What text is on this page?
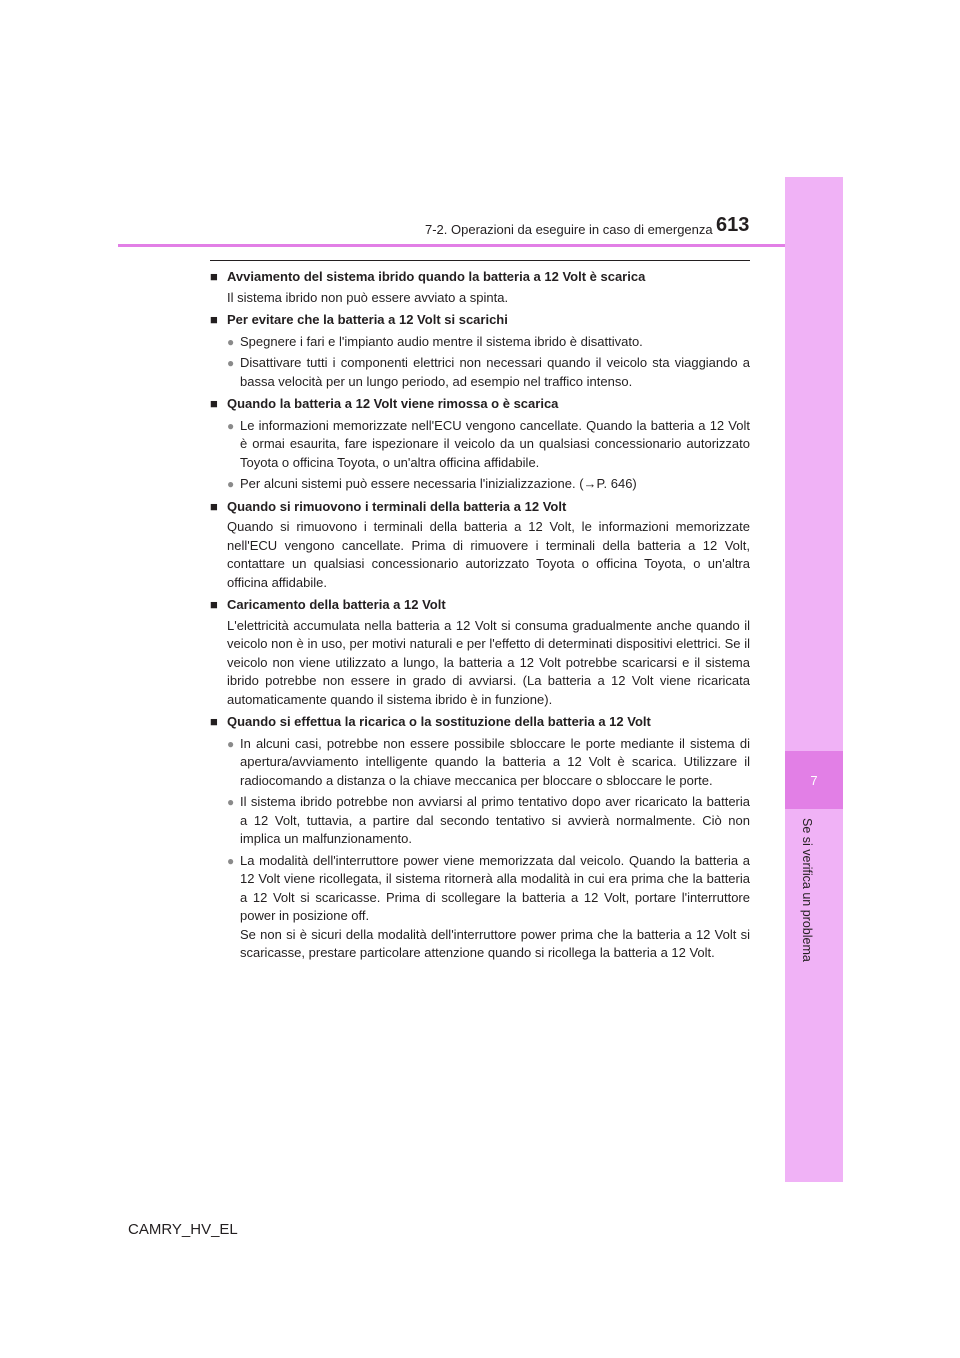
7
Se si verifica un problema
7-2. Operazioni da eseguire in caso di emergenza 613
■ Avviamento del sistema ibrido quando la batteria a 12 Volt è scarica
Il sistema ibrido non può essere avviato a spinta.
■ Per evitare che la batteria a 12 Volt si scarichi
● Spegnere i fari e l'impianto audio mentre il sistema ibrido è disattivato.
● Disattivare tutti i componenti elettrici non necessari quando il veicolo sta viaggiando a bassa velocità per un lungo periodo, ad esempio nel traffico intenso.
■ Quando la batteria a 12 Volt viene rimossa o è scarica
● Le informazioni memorizzate nell'ECU vengono cancellate. Quando la batteria a 12 Volt è ormai esaurita, fare ispezionare il veicolo da un qualsiasi concessionario autorizzato Toyota o officina Toyota, o un'altra officina affidabile.
● Per alcuni sistemi può essere necessaria l'inizializzazione. (→P. 646)
■ Quando si rimuovono i terminali della batteria a 12 Volt
Quando si rimuovono i terminali della batteria a 12 Volt, le informazioni memorizzate nell'ECU vengono cancellate. Prima di rimuovere i terminali della batteria a 12 Volt, contattare un qualsiasi concessionario autorizzato Toyota o officina Toyota, o un'altra officina affidabile.
■ Caricamento della batteria a 12 Volt
L'elettricità accumulata nella batteria a 12 Volt si consuma gradualmente anche quando il veicolo non è in uso, per motivi naturali e per l'effetto di determinati dispositivi elettrici. Se il veicolo non viene utilizzato a lungo, la batteria a 12 Volt potrebbe scaricarsi e il sistema ibrido potrebbe non essere in grado di avviarsi. (La batteria a 12 Volt viene ricaricata automaticamente quando il sistema ibrido è in funzione).
■ Quando si effettua la ricarica o la sostituzione della batteria a 12 Volt
● In alcuni casi, potrebbe non essere possibile sbloccare le porte mediante il sistema di apertura/avviamento intelligente quando la batteria a 12 Volt è scarica. Utilizzare il radiocomando a distanza o la chiave meccanica per bloccare o sbloccare le porte.
● Il sistema ibrido potrebbe non avviarsi al primo tentativo dopo aver ricaricato la batteria a 12 Volt, tuttavia, a partire dal secondo tentativo si avvierà normalmente. Ciò non implica un malfunzionamento.
● La modalità dell'interruttore power viene memorizzata dal veicolo. Quando la batteria a 12 Volt viene ricollegata, il sistema ritornerà alla modalità in cui era prima che la batteria a 12 Volt si scaricasse. Prima di scollegare la batteria a 12 Volt, portare l'interruttore power in posizione off.
Se non si è sicuri della modalità dell'interruttore power prima che la batteria a 12 Volt si scaricasse, prestare particolare attenzione quando si ricollega la batteria a 12 Volt.
CAMRY_HV_EL
